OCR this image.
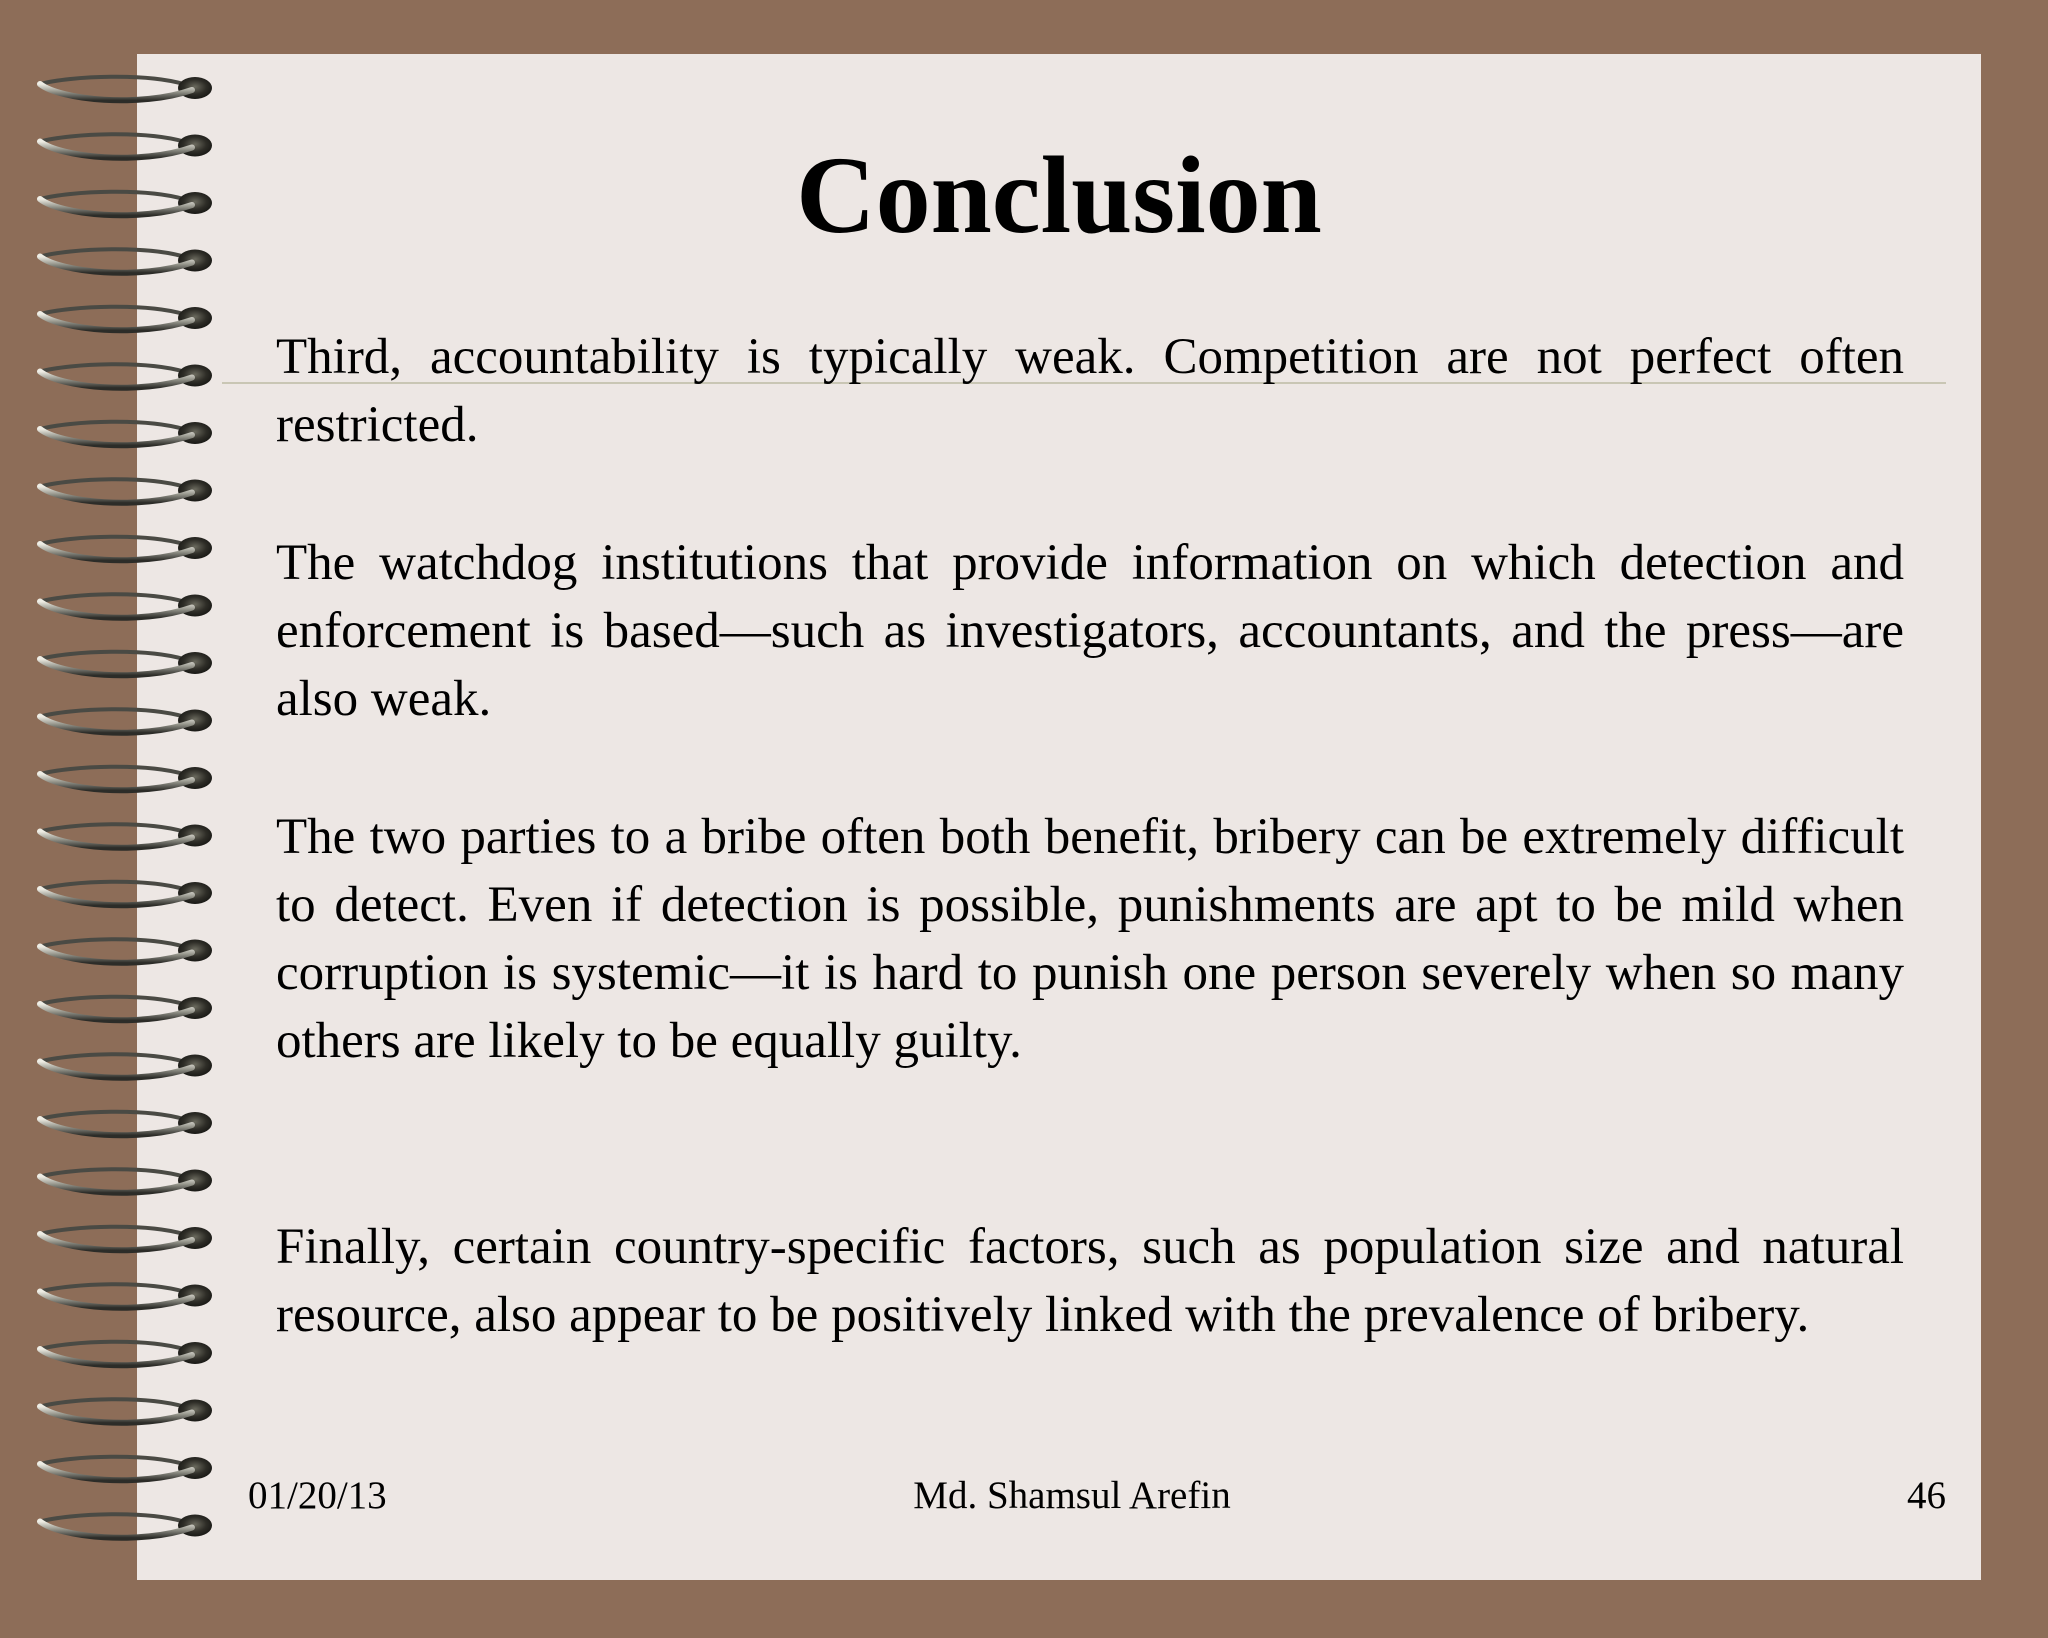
Conclusion

Third, accountability is typically weak. Competition are not perfect often restricted.

The watchdog institutions that provide information on which detection and enforcement is based—such as investigators, accountants, and the press—are also weak.

The two parties to a bribe often both benefit, bribery can be extremely difficult to detect. Even if detection is possible, punishments are apt to be mild when corruption is systemic—it is hard to punish one person severely when so many others are likely to be equally guilty.

Finally, certain country-specific factors, such as population size and natural resource, also appear to be positively linked with the prevalence of bribery.

01/20/13	Md. Shamsul Arefin	46
